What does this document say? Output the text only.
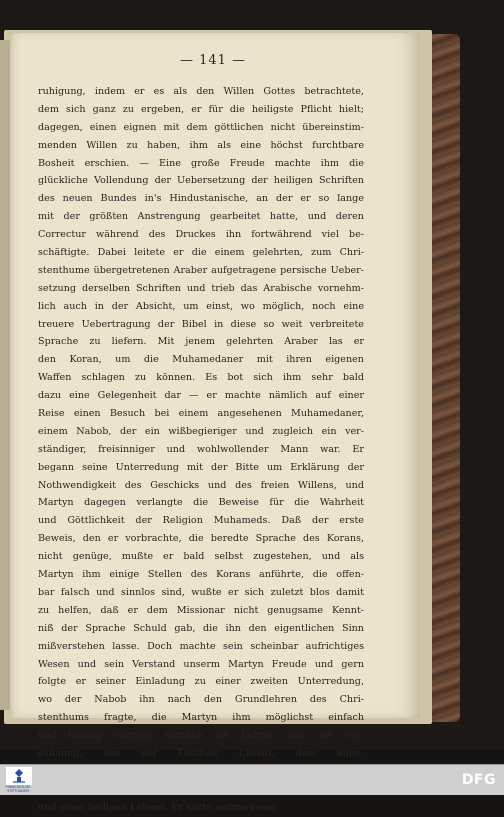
— 141 —
ruhigung, indem er es als den Willen Gottes betrachtete,
dem sich ganz zu ergeben, er für die heiligste Pflicht hielt;
dagegen, einen eignen mit dem göttlichen nicht übereinstim-
menden Willen zu haben, ihm als eine höchst furchtbare
Bosheit erschien. — Eine große Freude machte ihm die
glückliche Vollendung der Uebersetzung der heiligen Schriften
des neuen Bundes in's Hindustanische, an der er so lange
mit der größten Anstrengung gearbeitet hatte, und deren
Correctur während des Druckes ihn fortwährend viel be-
schäftigte. Dabei leitete er die einem gelehrten, zum Chri-
stenthume übergetretenen Araber aufgetragene persische Ueber-
setzung derselben Schriften und trieb das Arabische vornehm-
lich auch in der Absicht, um einst, wo möglich, noch eine
treuere Uebertragung der Bibel in diese so weit verbreitete
Sprache zu liefern. Mit jenem gelehrten Araber las er
den Koran, um die Muhamedaner mit ihren eigenen
Waffen schlagen zu können. Es bot sich ihm sehr bald
dazu eine Gelegenheit dar — er machte nämlich auf einer
Reise einen Besuch bei einem angesehenen Muhamedaner,
einem Nabob, der ein wißbegieriger und zugleich ein ver-
ständiger, freisinniger und wohlwollender Mann war. Er
begann seine Unterredung mit der Bitte um Erklärung der
Nothwendigkeit des Geschicks und des freien Willens, und
Martyn dagegen verlangte die Beweise für die Wahrheit
und Göttlichkeit der Religion Muhameds. Daß der erste
Beweis, den er vorbrachte, die beredte Sprache des Korans,
nicht genüge, mußte er bald selbst zugestehen, und als
Martyn ihm einige Stellen des Korans anführte, die offen-
bar falsch und sinnlos sind, wußte er sich zuletzt blos damit
zu helfen, daß er dem Missionar nicht genugsame Kennt-
niß der Sprache Schuld gab, die ihn den eigentlichen Sinn
mißverstehen lasse. Doch machte sein scheinbar aufrichtiges
Wesen und sein Verstand unserm Martyn Freude und gern
folgte er seiner Einladung zu einer zweiten Unterredung,
wo der Nabob ihn nach den Grundlehren des Chri-
stenthums fragte, die Martyn ihm möglichst einfach
und bündig vortrug, nämlich die Lehren von der Ver-
söhnung, von der Gottheit Christi, dem allge-
und eines heiligen Lebens. Er hörte aufmerksam
FRANCKESCHE STIFTUNGEN
DFG
